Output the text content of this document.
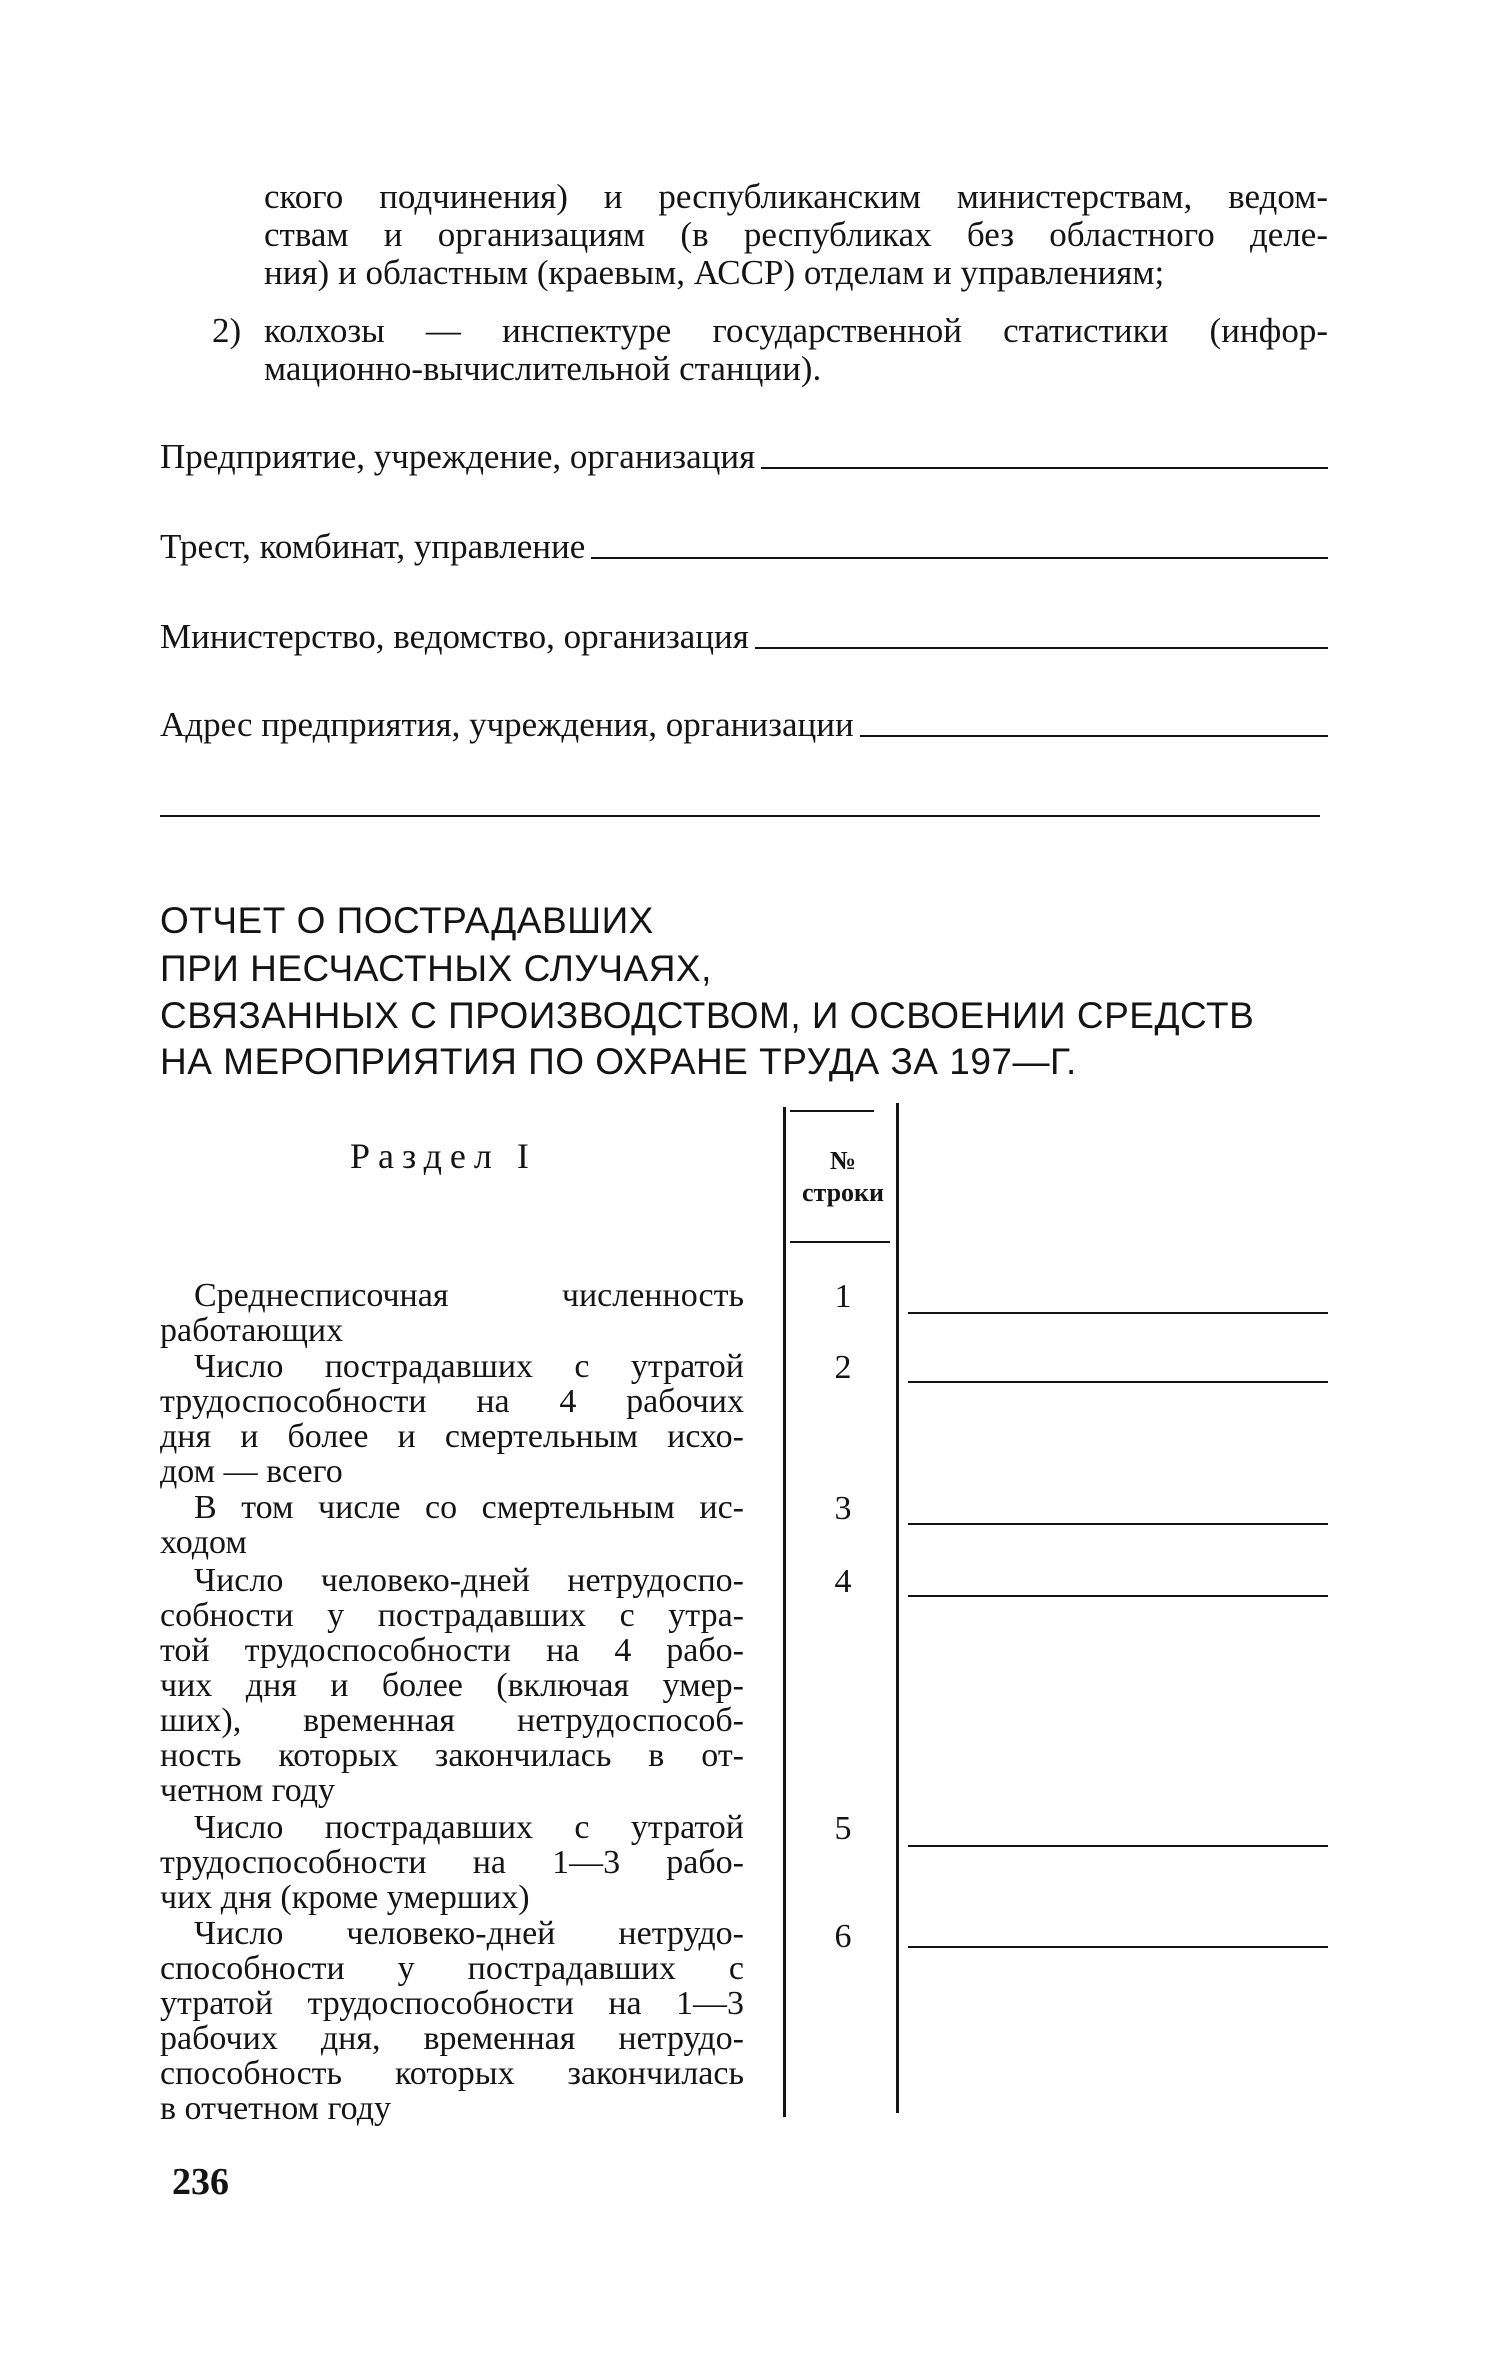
ского подчинения) и республиканским министерствам, ведом-
ствам и организациям (в республиках без областного деле-
ния) и областным (краевым, АССР) отделам и управлениям;
2) колхозы — инспектуре государственной статистики (инфор-
мационно-вычислительной станции).
Предприятие, учреждение, организация
Трест, комбинат, управление
Министерство, ведомство, организация
Адрес предприятия, учреждения, организации
ОТЧЕТ О ПОСТРАДАВШИХ
ПРИ НЕСЧАСТНЫХ СЛУЧАЯХ,
СВЯЗАННЫХ С ПРОИЗВОДСТВОМ, И ОСВОЕНИИ СРЕДСТВ
НА МЕРОПРИЯТИЯ ПО ОХРАНЕ ТРУДА ЗА 197—Г.
Раздел I	№
строки
Среднесписочная численность
работающих
1
Число пострадавших с утратой
трудоспособности на 4 рабочих
дня и более и смертельным исхо-
дом — всего
2
В том числе со смертельным ис-
ходом
3
Число человеко-дней нетрудоспо-
собности у пострадавших с утра-
той трудоспособности на 4 рабо-
чих дня и более (включая умер-
ших), временная нетрудоспособ-
ность которых закончилась в от-
четном году
4
Число пострадавших с утратой
трудоспособности на 1—3 рабо-
чих дня (кроме умерших)
5
Число человеко-дней нетрудо-
способности у пострадавших с
утратой трудоспособности на 1—3
рабочих дня, временная нетрудо-
способность которых закончилась
в отчетном году
6
236
